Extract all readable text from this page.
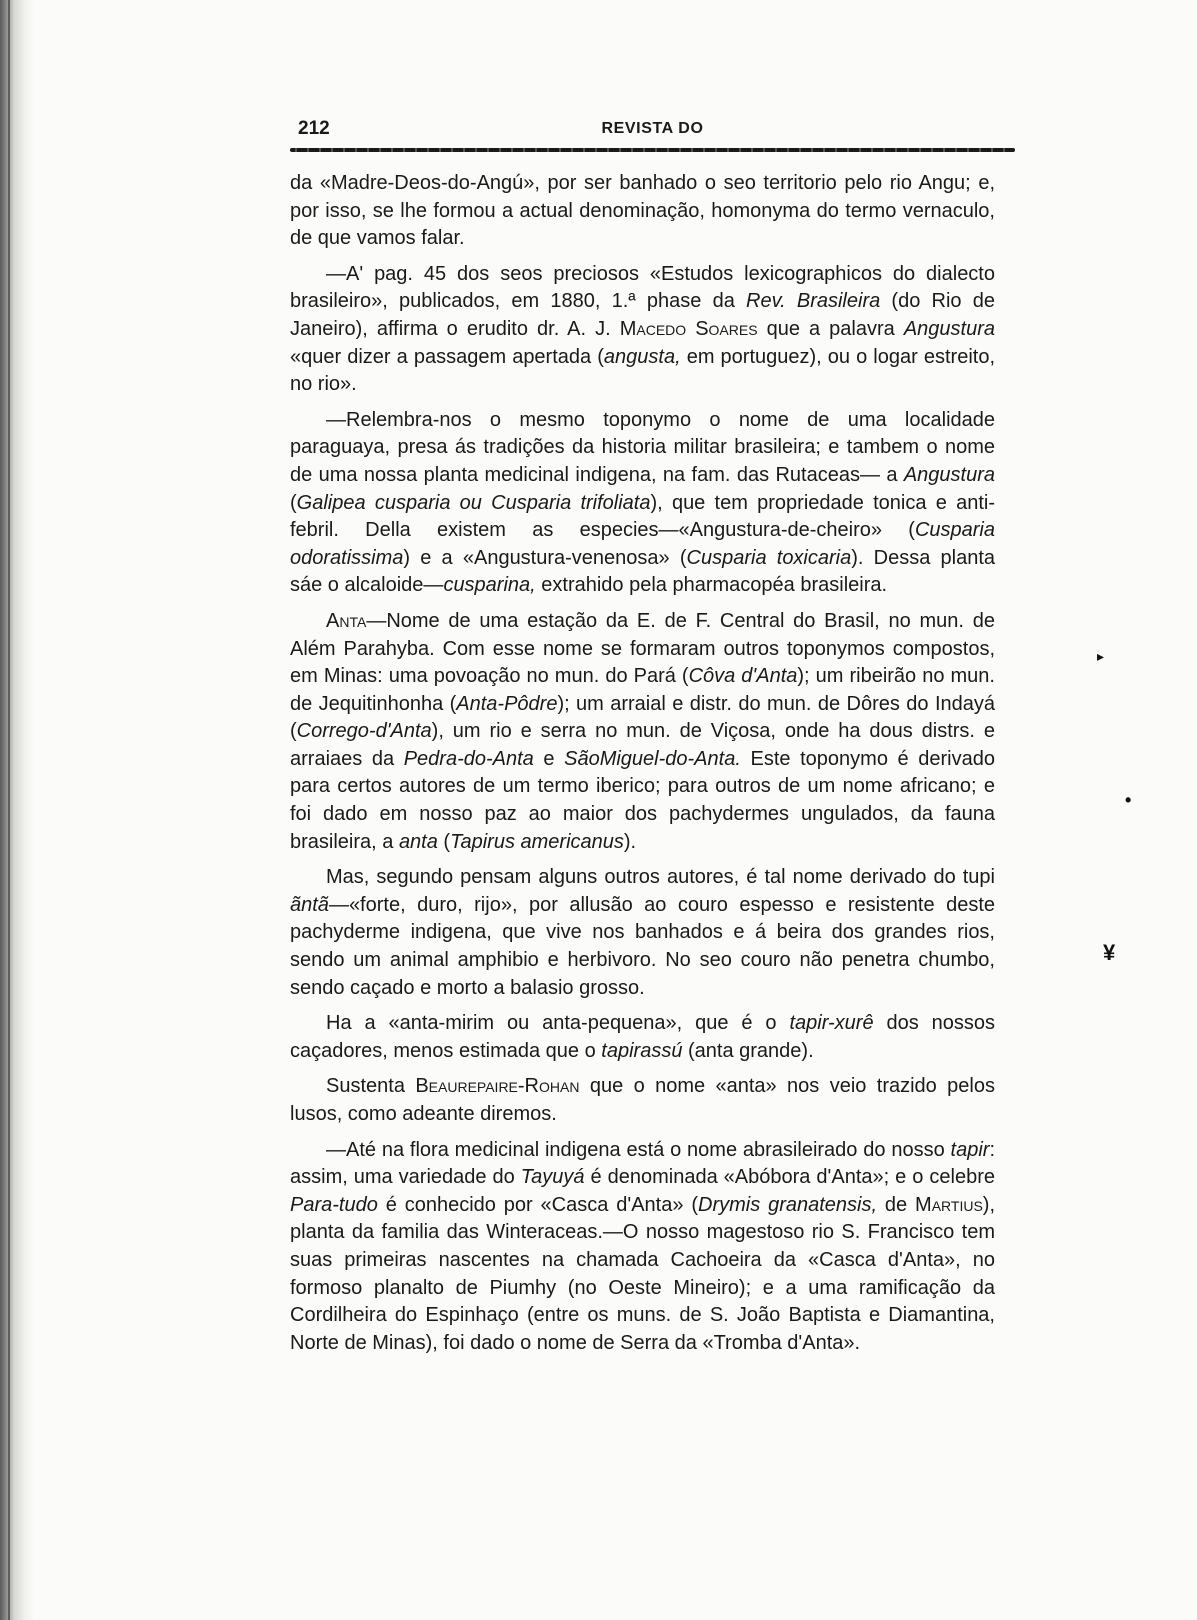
212	REVISTA DO

da «Madre-Deos-do-Angú», por ser banhado o seo territorio pelo rio Angu; e, por isso, se lhe formou a actual denominação, homonyma do termo vernaculo, de que vamos falar.

—A' pag. 45 dos seos preciosos «Estudos lexicographicos do dialecto brasileiro», publicados, em 1880, 1.ª phase da Rev. Brasileira (do Rio de Janeiro), affirma o erudito dr. A. J. Macedo Soares que a palavra Angustura «quer dizer a passagem apertada (angusta, em portuguez), ou o logar estreito, no rio».

—Relembra-nos o mesmo toponymo o nome de uma localidade paraguaya, presa ás tradições da historia militar brasileira; e tambem o nome de uma nossa planta medicinal indigena, na fam. das Rutaceas— a Angustura (Galipea cusparia ou Cusparia trifoliata), que tem propriedade tonica e anti-febril. Della existem as especies—«Angustura-de-cheiro» (Cusparia odoratissima) e a «Angustura-venenosa» (Cusparia toxicaria). Dessa planta sáe o alcaloide—cusparina, extrahido pela pharmacopéa brasileira.

Anta—Nome de uma estação da E. de F. Central do Brasil, no mun. de Além Parahyba. Com esse nome se formaram outros toponymos compostos, em Minas: uma povoação no mun. do Pará (Côva d'Anta); um ribeirão no mun. de Jequitinhonha (Anta-Pôdre); um arraial e distr. do mun. de Dôres do Indayá (Corrego-d'Anta), um rio e serra no mun. de Viçosa, onde ha dous distrs. e arraiaes da Pedra-do-Anta e SãoMiguel-do-Anta. Este toponymo é derivado para certos autores de um termo iberico; para outros de um nome africano; e foi dado em nosso paz ao maior dos pachydermes ungulados, da fauna brasileira, a anta (Tapirus americanus).

Mas, segundo pensam alguns outros autores, é tal nome derivado do tupi ãntã—«forte, duro, rijo», por allusão ao couro espesso e resistente deste pachyderme indigena, que vive nos banhados e á beira dos grandes rios, sendo um animal amphibio e herbivoro. No seo couro não penetra chumbo, sendo caçado e morto a balasio grosso.

Ha a «anta-mirim ou anta-pequena», que é o tapir-xurê dos nossos caçadores, menos estimada que o tapirassú (anta grande).

Sustenta Beaurepaire-Rohan que o nome «anta» nos veio trazido pelos lusos, como adeante diremos.

—Até na flora medicinal indigena está o nome abrasileirado do nosso tapir: assim, uma variedade do Tayuyá é denominada «Abóbora d'Anta»; e o celebre Para-tudo é conhecido por «Casca d'Anta» (Drymis granatensis, de Martius), planta da familia das Winteraceas.—O nosso magestoso rio S. Francisco tem suas primeiras nascentes na chamada Cachoeira da «Casca d'Anta», no formoso planalto de Piumhy (no Oeste Mineiro); e a uma ramificação da Cordilheira do Espinhaço (entre os muns. de S. João Baptista e Diamantina, Norte de Minas), foi dado o nome de Serra da «Tromba d'Anta».

▸
•
¥
